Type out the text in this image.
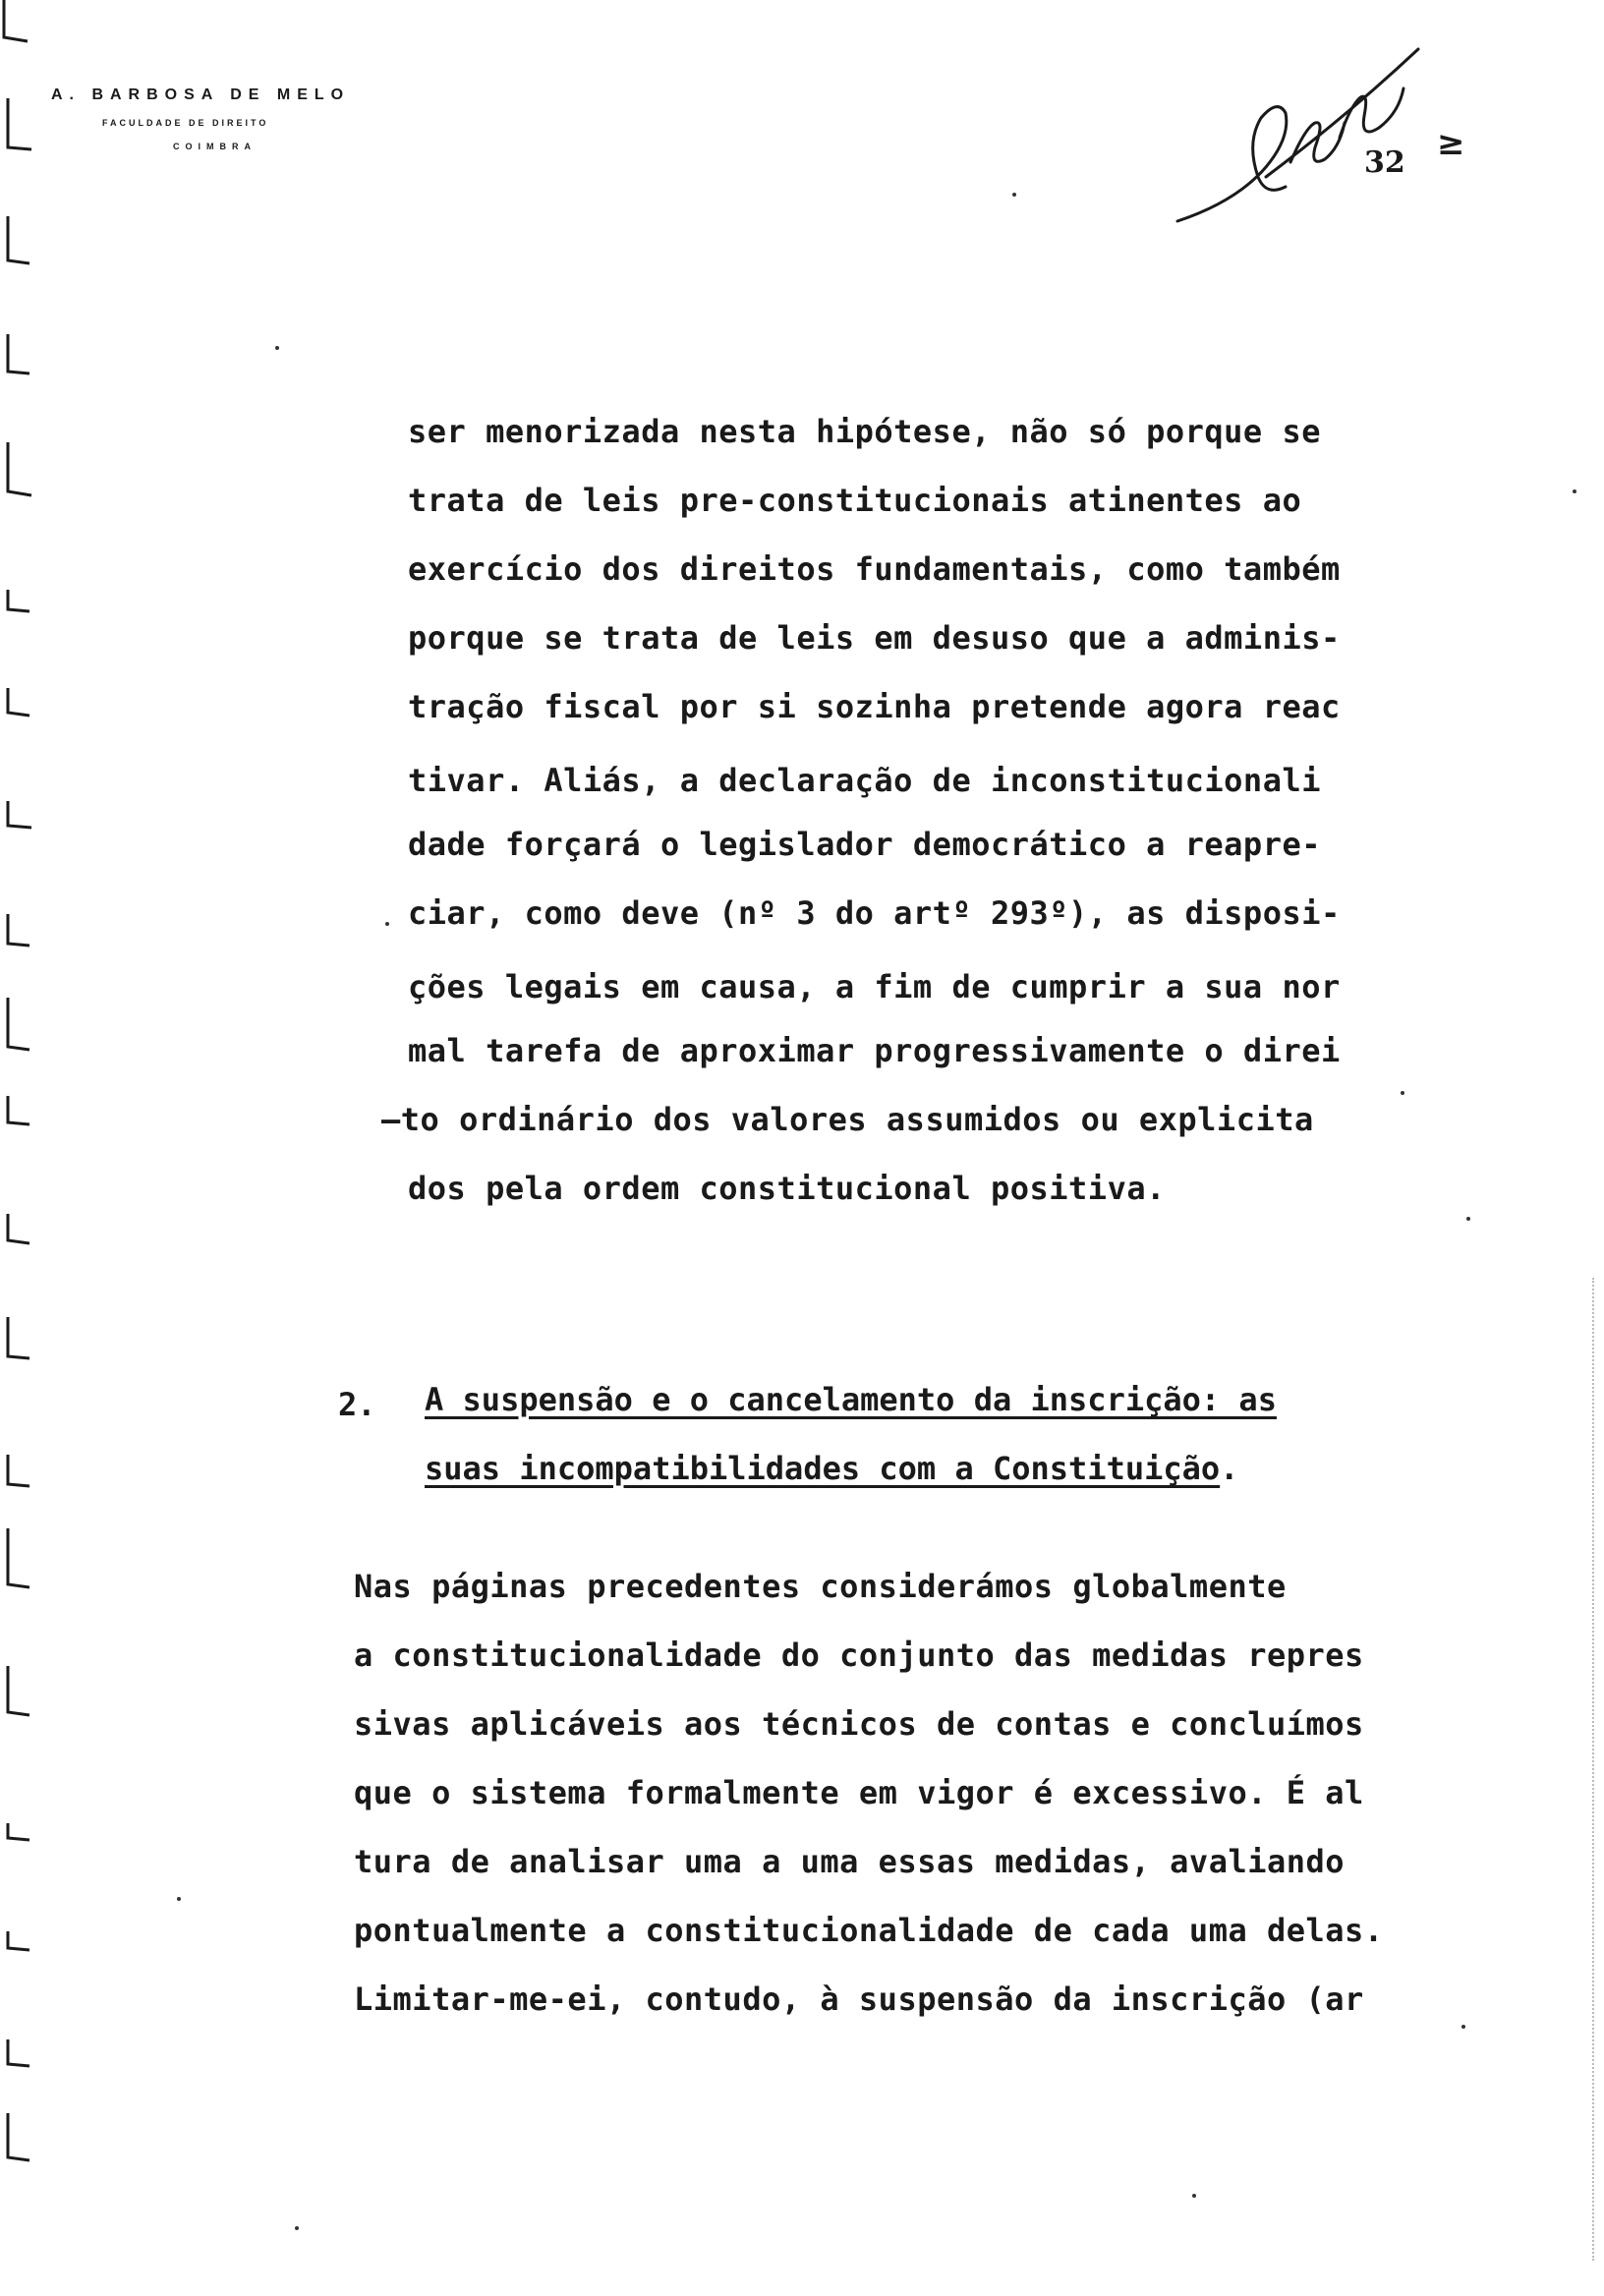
A. BARBOSA DE MELO
FACULDADE DE DIREITO
COIMBRA	32 ≥
ser menorizada nesta hipótese, não só porque se
trata de leis pre-constitucionais atinentes ao
exercício dos direitos fundamentais, como também
porque se trata de leis em desuso que a adminis-
tração fiscal por si sozinha pretende agora reac
tivar. Aliás, a declaração de inconstitucionali
dade forçará o legislador democrático a reapre-
ciar, como deve (nº 3 do artº 293º), as disposi-
ções legais em causa, a fim de cumprir a sua nor
mal tarefa de aproximar progressivamente o direi
—to ordinário dos valores assumidos ou explicita
dos pela ordem constitucional positiva.
2. A suspensão e o cancelamento da inscrição: as
suas incompatibilidades com a Constituição.
Nas páginas precedentes considerámos globalmente
a constitucionalidade do conjunto das medidas repres
sivas aplicáveis aos técnicos de contas e concluímos
que o sistema formalmente em vigor é excessivo. É al
tura de analisar uma a uma essas medidas, avaliando
pontualmente a constitucionalidade de cada uma delas.
Limitar-me-ei, contudo, à suspensão da inscrição (ar
